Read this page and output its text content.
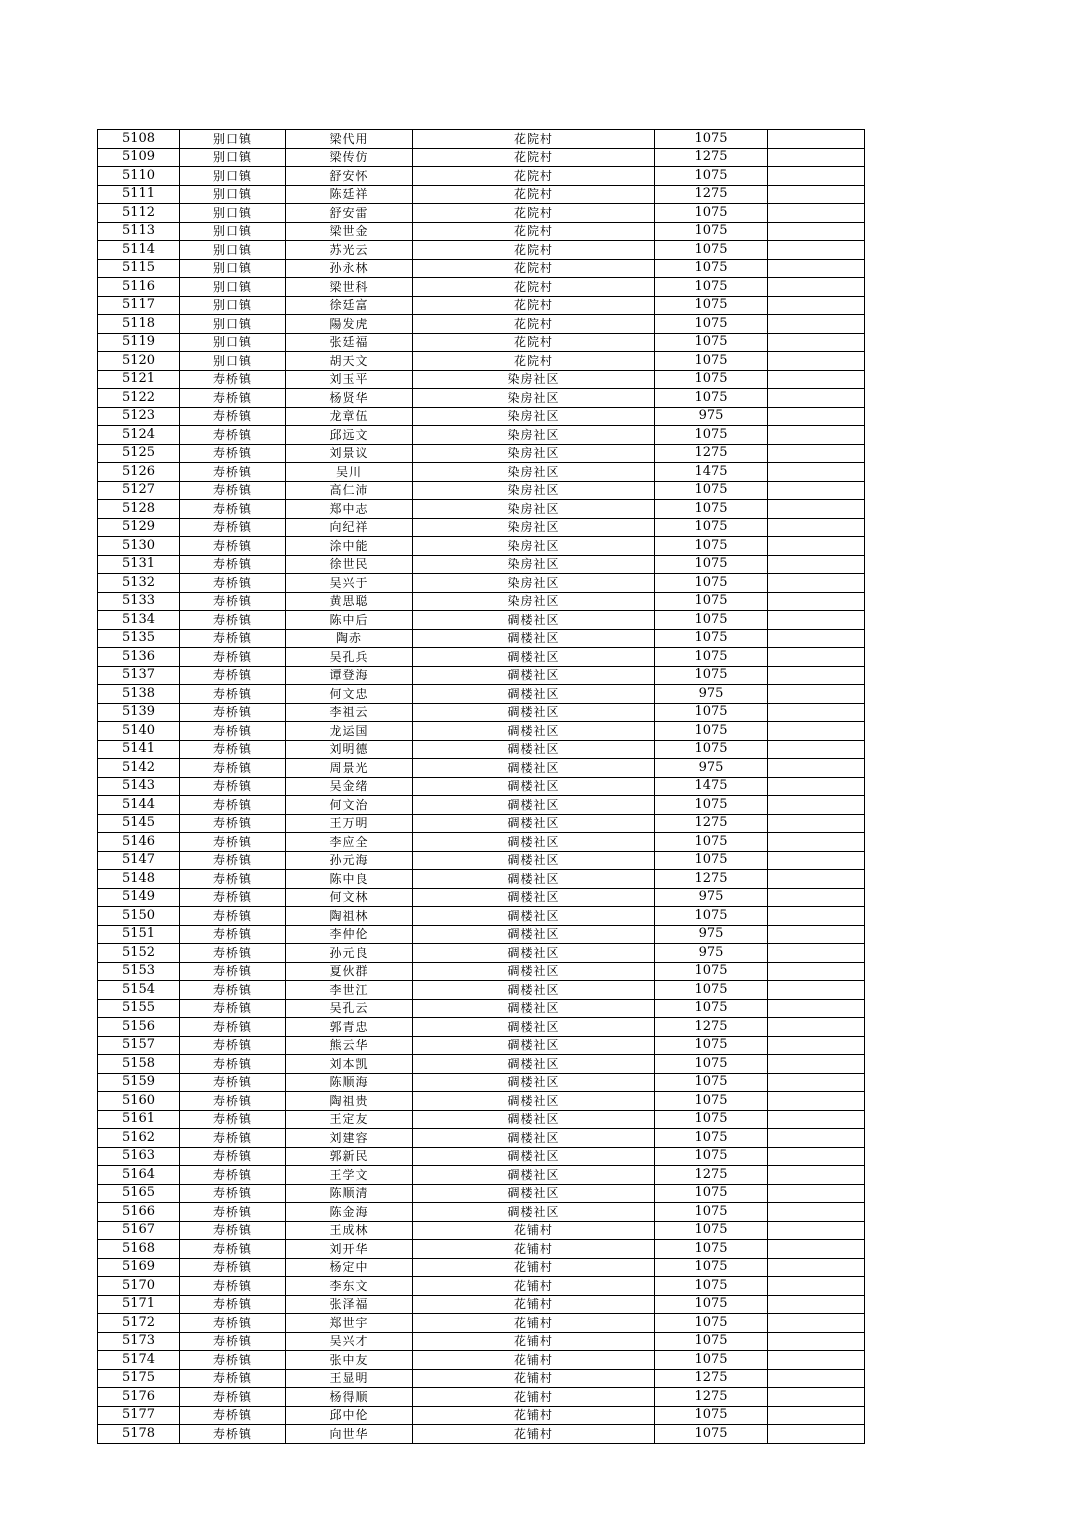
5108	别口镇	梁代用	花院村	1075	
5109	别口镇	梁传仿	花院村	1275	
5110	别口镇	舒安怀	花院村	1075	
5111	别口镇	陈廷祥	花院村	1275	
5112	别口镇	舒安雷	花院村	1075	
5113	别口镇	梁世金	花院村	1075	
5114	别口镇	苏光云	花院村	1075	
5115	别口镇	孙永林	花院村	1075	
5116	别口镇	梁世科	花院村	1075	
5117	别口镇	徐廷富	花院村	1075	
5118	别口镇	陽发虎	花院村	1075	
5119	别口镇	张廷福	花院村	1075	
5120	别口镇	胡天文	花院村	1075	
5121	寿桥镇	刘玉平	染房社区	1075	
5122	寿桥镇	杨贤华	染房社区	1075	
5123	寿桥镇	龙章伍	染房社区	975	
5124	寿桥镇	邱远文	染房社区	1075	
5125	寿桥镇	刘景议	染房社区	1275	
5126	寿桥镇	吴川	染房社区	1475	
5127	寿桥镇	高仁沛	染房社区	1075	
5128	寿桥镇	郑中志	染房社区	1075	
5129	寿桥镇	向纪祥	染房社区	1075	
5130	寿桥镇	涂中能	染房社区	1075	
5131	寿桥镇	徐世民	染房社区	1075	
5132	寿桥镇	吴兴于	染房社区	1075	
5133	寿桥镇	黄思聪	染房社区	1075	
5134	寿桥镇	陈中后	碉楼社区	1075	
5135	寿桥镇	陶赤	碉楼社区	1075	
5136	寿桥镇	吴孔兵	碉楼社区	1075	
5137	寿桥镇	谭登海	碉楼社区	1075	
5138	寿桥镇	何文忠	碉楼社区	975	
5139	寿桥镇	李祖云	碉楼社区	1075	
5140	寿桥镇	龙运国	碉楼社区	1075	
5141	寿桥镇	刘明德	碉楼社区	1075	
5142	寿桥镇	周景光	碉楼社区	975	
5143	寿桥镇	吴金绪	碉楼社区	1475	
5144	寿桥镇	何文治	碉楼社区	1075	
5145	寿桥镇	王万明	碉楼社区	1275	
5146	寿桥镇	李应全	碉楼社区	1075	
5147	寿桥镇	孙元海	碉楼社区	1075	
5148	寿桥镇	陈中良	碉楼社区	1275	
5149	寿桥镇	何文林	碉楼社区	975	
5150	寿桥镇	陶祖林	碉楼社区	1075	
5151	寿桥镇	李仲伦	碉楼社区	975	
5152	寿桥镇	孙元良	碉楼社区	975	
5153	寿桥镇	夏伙群	碉楼社区	1075	
5154	寿桥镇	李世江	碉楼社区	1075	
5155	寿桥镇	吴孔云	碉楼社区	1075	
5156	寿桥镇	郭青忠	碉楼社区	1275	
5157	寿桥镇	熊云华	碉楼社区	1075	
5158	寿桥镇	刘本凯	碉楼社区	1075	
5159	寿桥镇	陈顺海	碉楼社区	1075	
5160	寿桥镇	陶祖贵	碉楼社区	1075	
5161	寿桥镇	王定友	碉楼社区	1075	
5162	寿桥镇	刘建容	碉楼社区	1075	
5163	寿桥镇	郭新民	碉楼社区	1075	
5164	寿桥镇	王学文	碉楼社区	1275	
5165	寿桥镇	陈顺清	碉楼社区	1075	
5166	寿桥镇	陈金海	碉楼社区	1075	
5167	寿桥镇	王成林	花铺村	1075	
5168	寿桥镇	刘开华	花铺村	1075	
5169	寿桥镇	杨定中	花铺村	1075	
5170	寿桥镇	李东文	花铺村	1075	
5171	寿桥镇	张泽福	花铺村	1075	
5172	寿桥镇	郑世宇	花铺村	1075	
5173	寿桥镇	吴兴才	花铺村	1075	
5174	寿桥镇	张中友	花铺村	1075	
5175	寿桥镇	王显明	花铺村	1275	
5176	寿桥镇	杨得顺	花铺村	1275	
5177	寿桥镇	邱中伦	花铺村	1075	
5178	寿桥镇	向世华	花铺村	1075	
